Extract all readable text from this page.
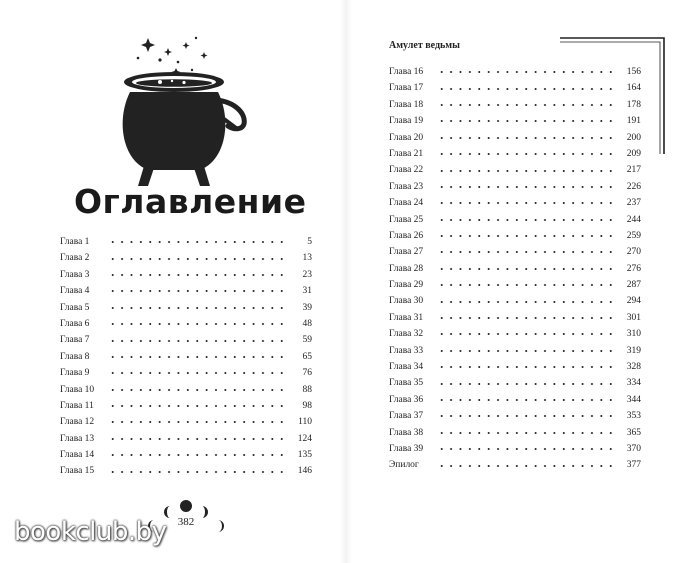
Оглавление
Глава 1	5
Глава 2	13
Глава 3	23
Глава 4	31
Глава 5	39
Глава 6	48
Глава 7	59
Глава 8	65
Глава 9	76
Глава 10	88
Глава 11	98
Глава 12	110
Глава 13	124
Глава 14	135
Глава 15	146
Амулет ведьмы
Глава 16	156
Глава 17	164
Глава 18	178
Глава 19	191
Глава 20	200
Глава 21	209
Глава 22	217
Глава 23	226
Глава 24	237
Глава 25	244
Глава 26	259
Глава 27	270
Глава 28	276
Глава 29	287
Глава 30	294
Глава 31	301
Глава 32	310
Глава 33	319
Глава 34	328
Глава 35	334
Глава 36	344
Глава 37	353
Глава 38	365
Глава 39	370
Эпилог	377
382
bookclub.by
